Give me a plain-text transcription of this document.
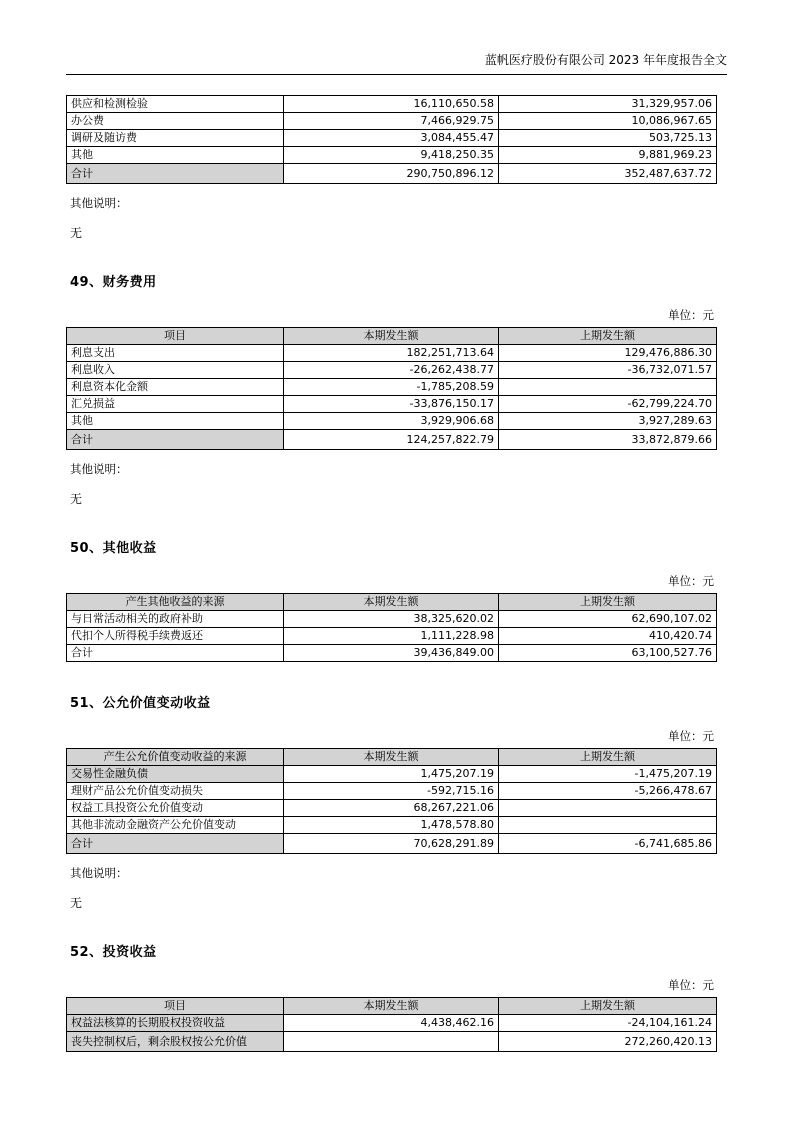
蓝帆医疗股份有限公司 2023 年年度报告全文
供应和检测检验	16,110,650.58	31,329,957.06
办公费	7,466,929.75	10,086,967.65
调研及随访费	3,084,455.47	503,725.13
其他	9,418,250.35	9,881,969.23
合计	290,750,896.12	352,487,637.72
其他说明：
无
49、财务费用
单位：元
项目	本期发生额	上期发生额
利息支出	182,251,713.64	129,476,886.30
利息收入	-26,262,438.77	-36,732,071.57
利息资本化金额	-1,785,208.59	
汇兑损益	-33,876,150.17	-62,799,224.70
其他	3,929,906.68	3,927,289.63
合计	124,257,822.79	33,872,879.66
其他说明：
无
50、其他收益
单位：元
产生其他收益的来源	本期发生额	上期发生额
与日常活动相关的政府补助	38,325,620.02	62,690,107.02
代扣个人所得税手续费返还	1,111,228.98	410,420.74
合计	39,436,849.00	63,100,527.76
51、公允价值变动收益
单位：元
产生公允价值变动收益的来源	本期发生额	上期发生额
交易性金融负债	1,475,207.19	-1,475,207.19
理财产品公允价值变动损失	-592,715.16	-5,266,478.67
权益工具投资公允价值变动	68,267,221.06	
其他非流动金融资产公允价值变动	1,478,578.80	
合计	70,628,291.89	-6,741,685.86
其他说明：
无
52、投资收益
单位：元
项目	本期发生额	上期发生额
权益法核算的长期股权投资收益	4,438,462.16	-24,104,161.24
丧失控制权后，剩余股权按公允价值		272,260,420.13
